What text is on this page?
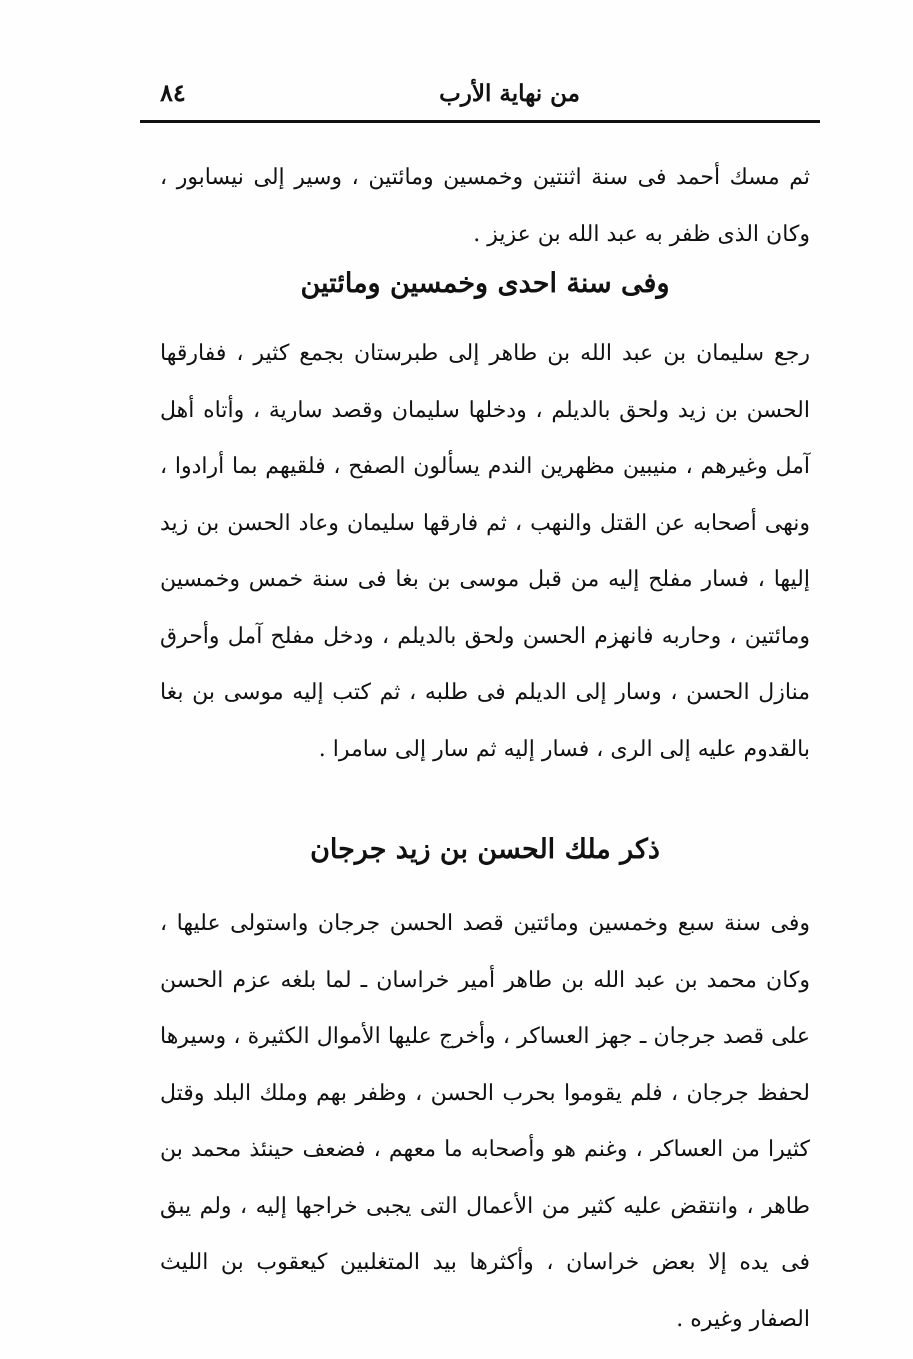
٨٤	من نهاية الأرب

ثم مسك أحمد فى سنة اثنتين وخمسين ومائتين ، وسير إلى نيسابور ، وكان الذى ظفر به عبد الله بن عزيز .

وفى سنة احدى وخمسين ومائتين

رجع سليمان بن عبد الله بن طاهر إلى طبرستان بجمع كثير ، ففارقها الحسن بن زيد ولحق بالديلم ، ودخلها سليمان وقصد سارية ، وأتاه أهل آمل وغيرهم ، منيبين مظهرين الندم يسألون الصفح ، فلقيهم بما أرادوا ، ونهى أصحابه عن القتل والنهب ، ثم فارقها سليمان وعاد الحسن بن زيد إليها ، فسار مفلح إليه من قبل موسى بن بغا فى سنة خمس وخمسين ومائتين ، وحاربه فانهزم الحسن ولحق بالديلم ، ودخل مفلح آمل وأحرق منازل الحسن ، وسار إلى الديلم فى طلبه ، ثم كتب إليه موسى بن بغا بالقدوم عليه إلى الرى ، فسار إليه ثم سار إلى سامرا .

ذكر ملك الحسن بن زيد جرجان

وفى سنة سبع وخمسين ومائتين قصد الحسن جرجان واستولى عليها ، وكان محمد بن عبد الله بن طاهر أمير خراسان ـ لما بلغه عزم الحسن على قصد جرجان ـ جهز العساكر ، وأخرج عليها الأموال الكثيرة ، وسيرها لحفظ جرجان ، فلم يقوموا بحرب الحسن ، وظفر بهم وملك البلد وقتل كثيرا من العساكر ، وغنم هو وأصحابه ما معهم ، فضعف حينئذ محمد بن طاهر ، وانتقض عليه كثير من الأعمال التى يجبى خراجها إليه ، ولم يبق فى يده إلا بعض خراسان ، وأكثرها بيد المتغلبين كيعقوب بن الليث الصفار وغيره .
